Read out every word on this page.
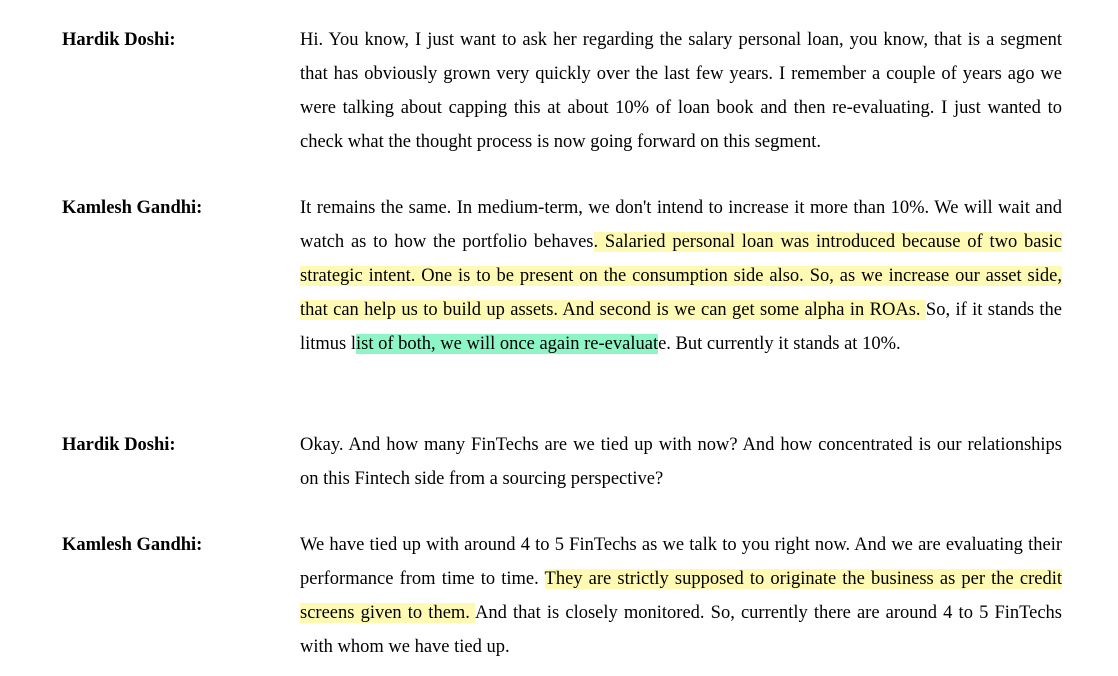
Hardik Doshi:	Hi. You know, I just want to ask her regarding the salary personal loan, you know, that is a segment that has obviously grown very quickly over the last few years. I remember a couple of years ago we were talking about capping this at about 10% of loan book and then re-evaluating. I just wanted to check what the thought process is now going forward on this segment.
Kamlesh Gandhi:	It remains the same. In medium-term, we don't intend to increase it more than 10%. We will wait and watch as to how the portfolio behaves. Salaried personal loan was introduced because of two basic strategic intent. One is to be present on the consumption side also. So, as we increase our asset side, that can help us to build up assets. And second is we can get some alpha in ROAs. So, if it stands the litmus list of both, we will once again re-evaluate. But currently it stands at 10%.
Hardik Doshi:	Okay. And how many FinTechs are we tied up with now? And how concentrated is our relationships on this Fintech side from a sourcing perspective?
Kamlesh Gandhi:	We have tied up with around 4 to 5 FinTechs as we talk to you right now. And we are evaluating their performance from time to time. They are strictly supposed to originate the business as per the credit screens given to them. And that is closely monitored. So, currently there are around 4 to 5 FinTechs with whom we have tied up.
